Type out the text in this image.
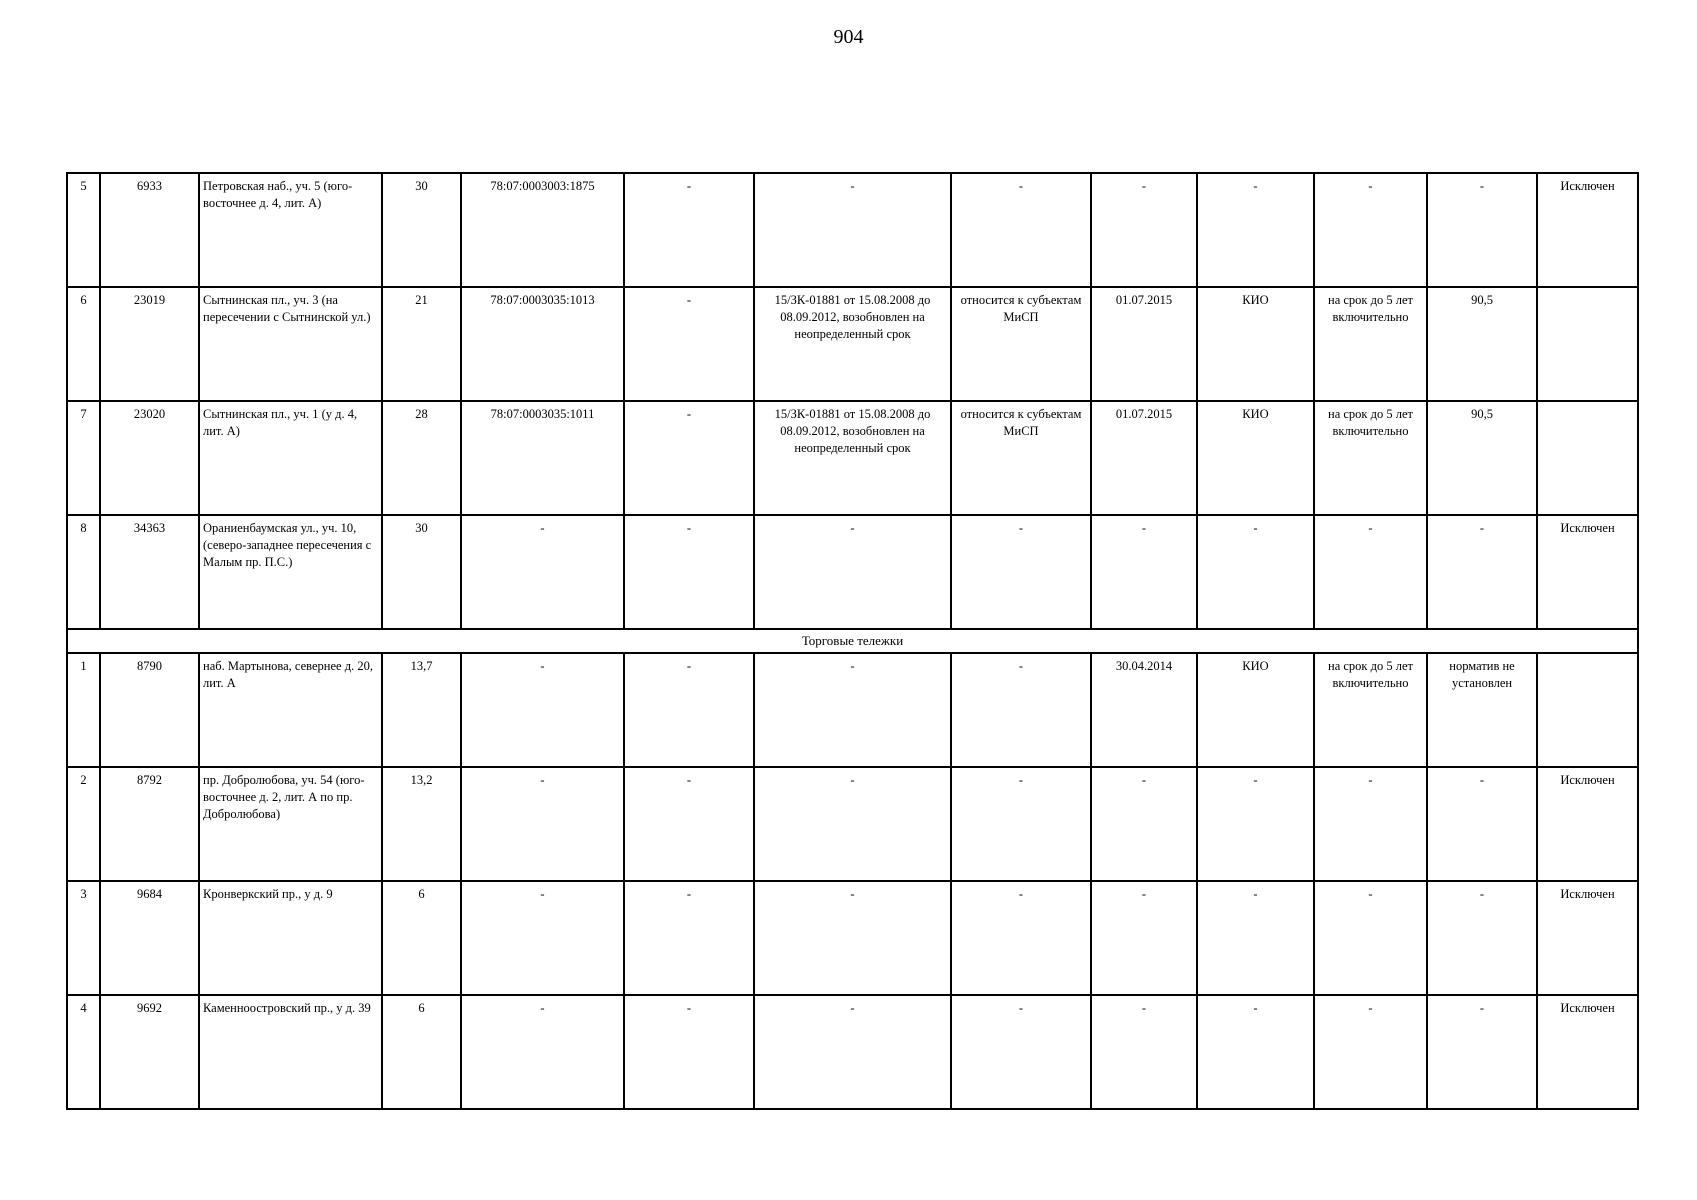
904
5	6933	Петровская наб., уч. 5 (юго-восточнее д. 4, лит. А)	30	78:07:0003003:1875	-	-	-	-	-	-	-	Исключен
6	23019	Сытнинская пл., уч. 3 (на пересечении с Сытнинской ул.)	21	78:07:0003035:1013	-	15/ЗК-01881 от 15.08.2008 до 08.09.2012, возобновлен на неопределенный срок	относится к субъектам МиСП	01.07.2015	КИО	на срок до 5 лет включительно	90,5	
7	23020	Сытнинская пл., уч. 1 (у д. 4, лит. А)	28	78:07:0003035:1011	-	15/ЗК-01881 от 15.08.2008 до 08.09.2012, возобновлен на неопределенный срок	относится к субъектам МиСП	01.07.2015	КИО	на срок до 5 лет включительно	90,5	
8	34363	Ораниенбаумская ул., уч. 10, (северо-западнее пересечения с Малым пр. П.С.)	30	-	-	-	-	-	-	-	-	Исключен
Торговые тележки												
1	8790	наб. Мартынова, севернее д. 20, лит. А	13,7	-	-	-	-	30.04.2014	КИО	на срок до 5 лет включительно	норматив не установлен	
2	8792	пр. Добролюбова, уч. 54 (юго-восточнее д. 2, лит. А по пр. Добролюбова)	13,2	-	-	-	-	-	-	-	-	Исключен
3	9684	Кронверкский пр., у д. 9	6	-	-	-	-	-	-	-	-	Исключен
4	9692	Каменноостровский пр., у д. 39	6	-	-	-	-	-	-	-	-	Исключен
